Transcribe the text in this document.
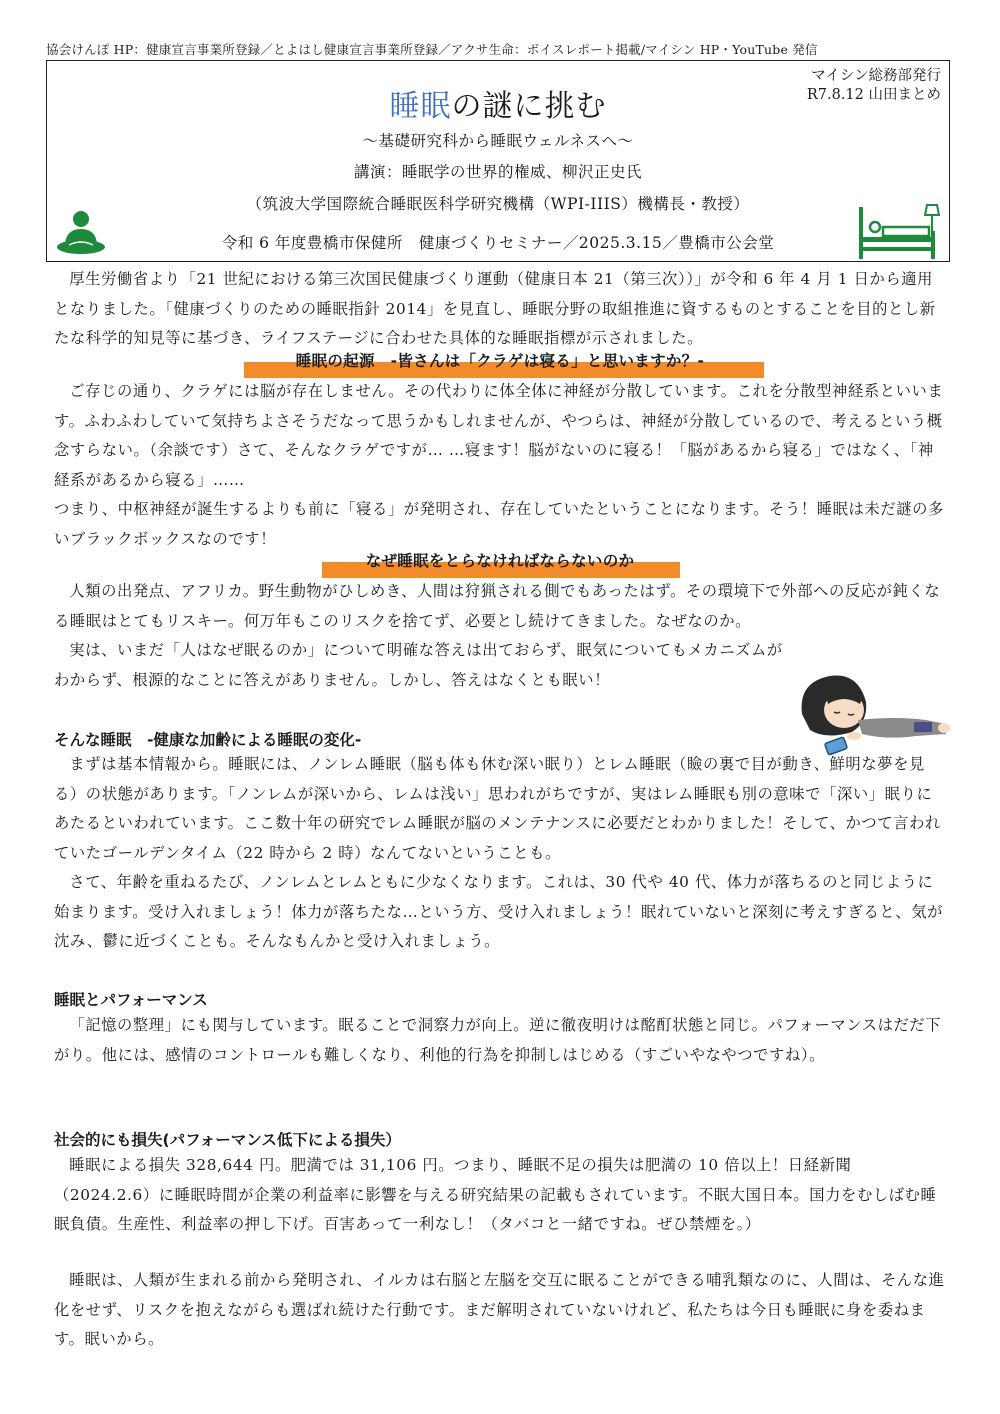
協会けんぽ HP：健康宣言事業所登録／とよはし健康宣言事業所登録／アクサ生命：ボイスレポート掲載/マイシン HP・YouTube 発信
マイシン総務部発行
R7.8.12 山田まとめ
睡眠の謎に挑む
～基礎研究科から睡眠ウェルネスへ～
講演：睡眠学の世界的権威、柳沢正史氏
（筑波大学国際統合睡眠医科学研究機構（WPI-IIIS）機構長・教授）
令和 6 年度豊橋市保健所　健康づくりセミナー／2025.3.15／豊橋市公会堂

厚生労働省より「21 世紀における第三次国民健康づくり運動（健康日本 21（第三次））」が令和 6 年 4 月 1 日から適用となりました。「健康づくりのための睡眠指針 2014」を見直し、睡眠分野の取組推進に資するものとすることを目的とし新たな科学的知見等に基づき、ライフステージに合わせた具体的な睡眠指標が示されました。

睡眠の起源　-皆さんは「クラゲは寝る」と思いますか？-

ご存じの通り、クラゲには脳が存在しません。その代わりに体全体に神経が分散しています。これを分散型神経系といいます。ふわふわしていて気持ちよさそうだなって思うかもしれませんが、やつらは、神経が分散しているので、考えるという概念すらない。（余談です）さて、そんなクラゲですが… …寝ます！脳がないのに寝る！「脳があるから寝る」ではなく、「神経系があるから寝る」……

つまり、中枢神経が誕生するよりも前に「寝る」が発明され、存在していたということになります。そう！睡眠は未だ謎の多いブラックボックスなのです！

なぜ睡眠をとらなければならないのか

人類の出発点、アフリカ。野生動物がひしめき、人間は狩猟される側でもあったはず。その環境下で外部への反応が鈍くなる睡眠はとてもリスキー。何万年もこのリスクを捨てず、必要とし続けてきました。なぜなのか。

実は、いまだ「人はなぜ眠るのか」について明確な答えは出ておらず、眠気についてもメカニズムがわからず、根源的なことに答えがありません。しかし、答えはなくとも眠い！

そんな睡眠　-健康な加齢による睡眠の変化-

まずは基本情報から。睡眠には、ノンレム睡眠（脳も体も休む深い眠り）とレム睡眠（瞼の裏で目が動き、鮮明な夢を見る）の状態があります。「ノンレムが深いから、レムは浅い」思われがちですが、実はレム睡眠も別の意味で「深い」眠りにあたるといわれています。ここ数十年の研究でレム睡眠が脳のメンテナンスに必要だとわかりました！そして、かつて言われていたゴールデンタイム（22 時から 2 時）なんてないということも。

さて、年齢を重ねるたび、ノンレムとレムともに少なくなります。これは、30 代や 40 代、体力が落ちるのと同じように始まります。受け入れましょう！体力が落ちたな…という方、受け入れましょう！眠れていないと深刻に考えすぎると、気が沈み、鬱に近づくことも。そんなもんかと受け入れましょう。

睡眠とパフォーマンス

「記憶の整理」にも関与しています。眠ることで洞察力が向上。逆に徹夜明けは酩酊状態と同じ。パフォーマンスはだだ下がり。他には、感情のコントロールも難しくなり、利他的行為を抑制しはじめる（すごいやなやつですね）。

社会的にも損失(パフォーマンス低下による損失）

睡眠による損失 328,644 円。肥満では 31,106 円。つまり、睡眠不足の損失は肥満の 10 倍以上！日経新聞（2024.2.6）に睡眠時間が企業の利益率に影響を与える研究結果の記載もされています。不眠大国日本。国力をむしばむ睡眠負債。生産性、利益率の押し下げ。百害あって一利なし！（タバコと一緒ですね。ぜひ禁煙を。）

睡眠は、人類が生まれる前から発明され、イルカは右脳と左脳を交互に眠ることができる哺乳類なのに、人間は、そんな進化をせず、リスクを抱えながらも選ばれ続けた行動です。まだ解明されていないけれど、私たちは今日も睡眠に身を委ねます。眠いから。
